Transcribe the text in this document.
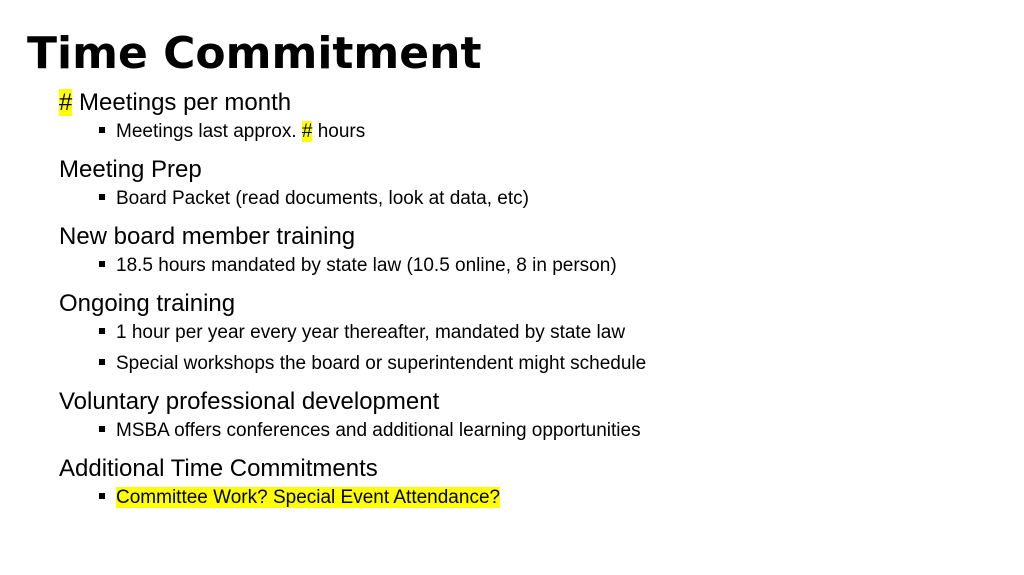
Time Commitment
# Meetings per month
Meetings last approx. # hours
Meeting Prep
Board Packet (read documents, look at data, etc)
New board member training
18.5 hours mandated by state law (10.5 online, 8 in person)
Ongoing training
1 hour per year every year thereafter, mandated by state law
Special workshops the board or superintendent might schedule
Voluntary professional development
MSBA offers conferences and additional learning opportunities
Additional Time Commitments
Committee Work? Special Event Attendance?
